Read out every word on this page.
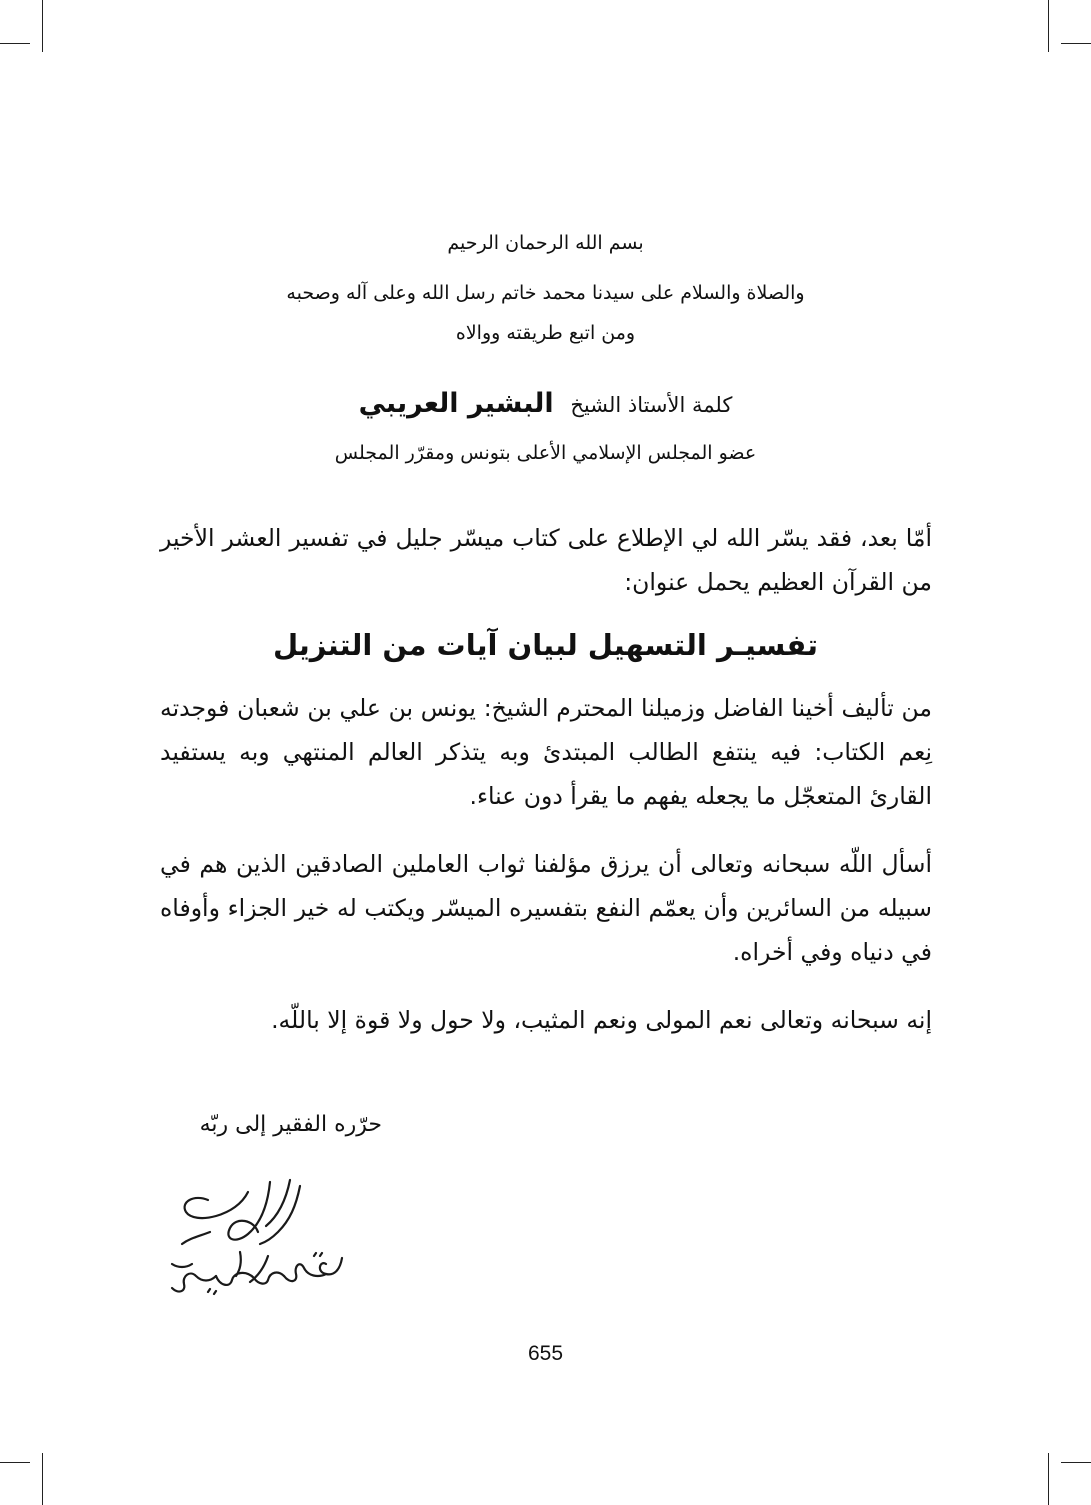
بسم الله الرحمان الرحيم
والصلاة والسلام على سيدنا محمد خاتم رسل الله وعلى آله وصحبه
ومن اتبع طريقته ووالاه
كلمة الأستاذ الشيخ البشير العريبي
عضو المجلس الإسلامي الأعلى بتونس ومقرّر المجلس
أمّا بعد، فقد يسّر الله لي الإطلاع على كتاب ميسّر جليل في تفسير العشر الأخير من القرآن العظيم يحمل عنوان:
تفسيـر التسهيل لبيان آيات من التنزيل
من تأليف أخينا الفاضل وزميلنا المحترم الشيخ: يونس بن علي بن شعبان فوجدته نِعم الكتاب: فيه ينتفع الطالب المبتدئ وبه يتذكر العالم المنتهي وبه يستفيد القارئ المتعجّل ما يجعله يفهم ما يقرأ دون عناء.
أسأل اللّه سبحانه وتعالى أن يرزق مؤلفنا ثواب العاملين الصادقين الذين هم في سبيله من السائرين وأن يعمّم النفع بتفسيره الميسّر ويكتب له خير الجزاء وأوفاه في دنياه وفي أخراه.
إنه سبحانه وتعالى نعم المولى ونعم المثيب، ولا حول ولا قوة إلا باللّه.
حرّره الفقير إلى ربّه
655
